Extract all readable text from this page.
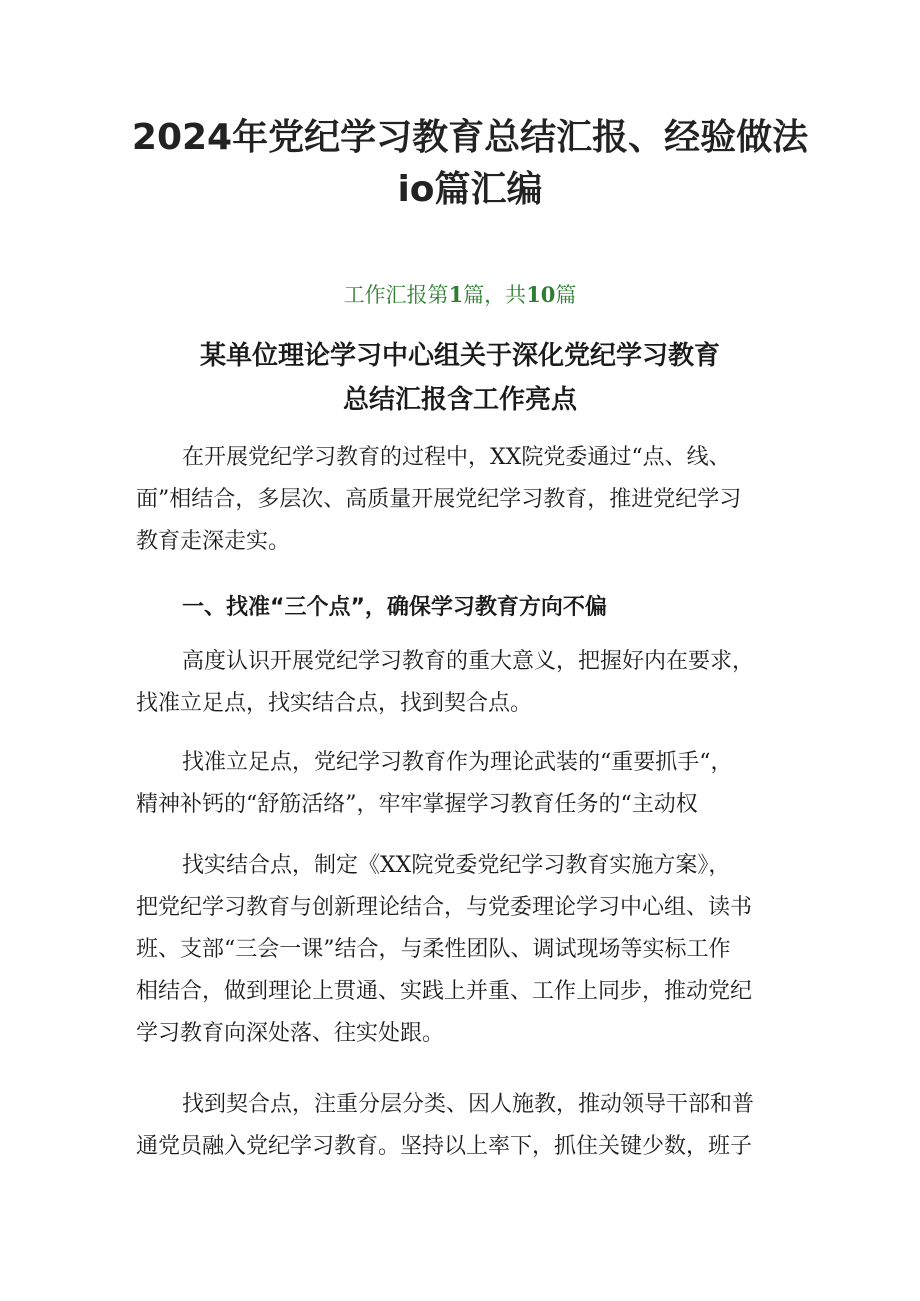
2024年党纪学习教育总结汇报、经验做法
io篇汇编
工作汇报第1篇，共10篇
某单位理论学习中心组关于深化党纪学习教育
总结汇报含工作亮点

在开展党纪学习教育的过程中，XX院党委通过“点、线、
面”相结合，多层次、高质量开展党纪学习教育，推进党纪学习
教育走深走实。

一、找准“三个点”，确保学习教育方向不偏

高度认识开展党纪学习教育的重大意义，把握好内在要求，
找准立足点，找实结合点，找到契合点。

找准立足点，党纪学习教育作为理论武装的“重要抓手“，
精神补钙的“舒筋活络”，牢牢掌握学习教育任务的“主动权

找实结合点，制定《XX院党委党纪学习教育实施方案》，
把党纪学习教育与创新理论结合，与党委理论学习中心组、读书
班、支部“三会一课”结合，与柔性团队、调试现场等实标工作
相结合，做到理论上贯通、实践上并重、工作上同步，推动党纪
学习教育向深处落、往实处跟。

找到契合点，注重分层分类、因人施教，推动领导干部和普
通党员融入党纪学习教育。坚持以上率下，抓住关键少数，班子
